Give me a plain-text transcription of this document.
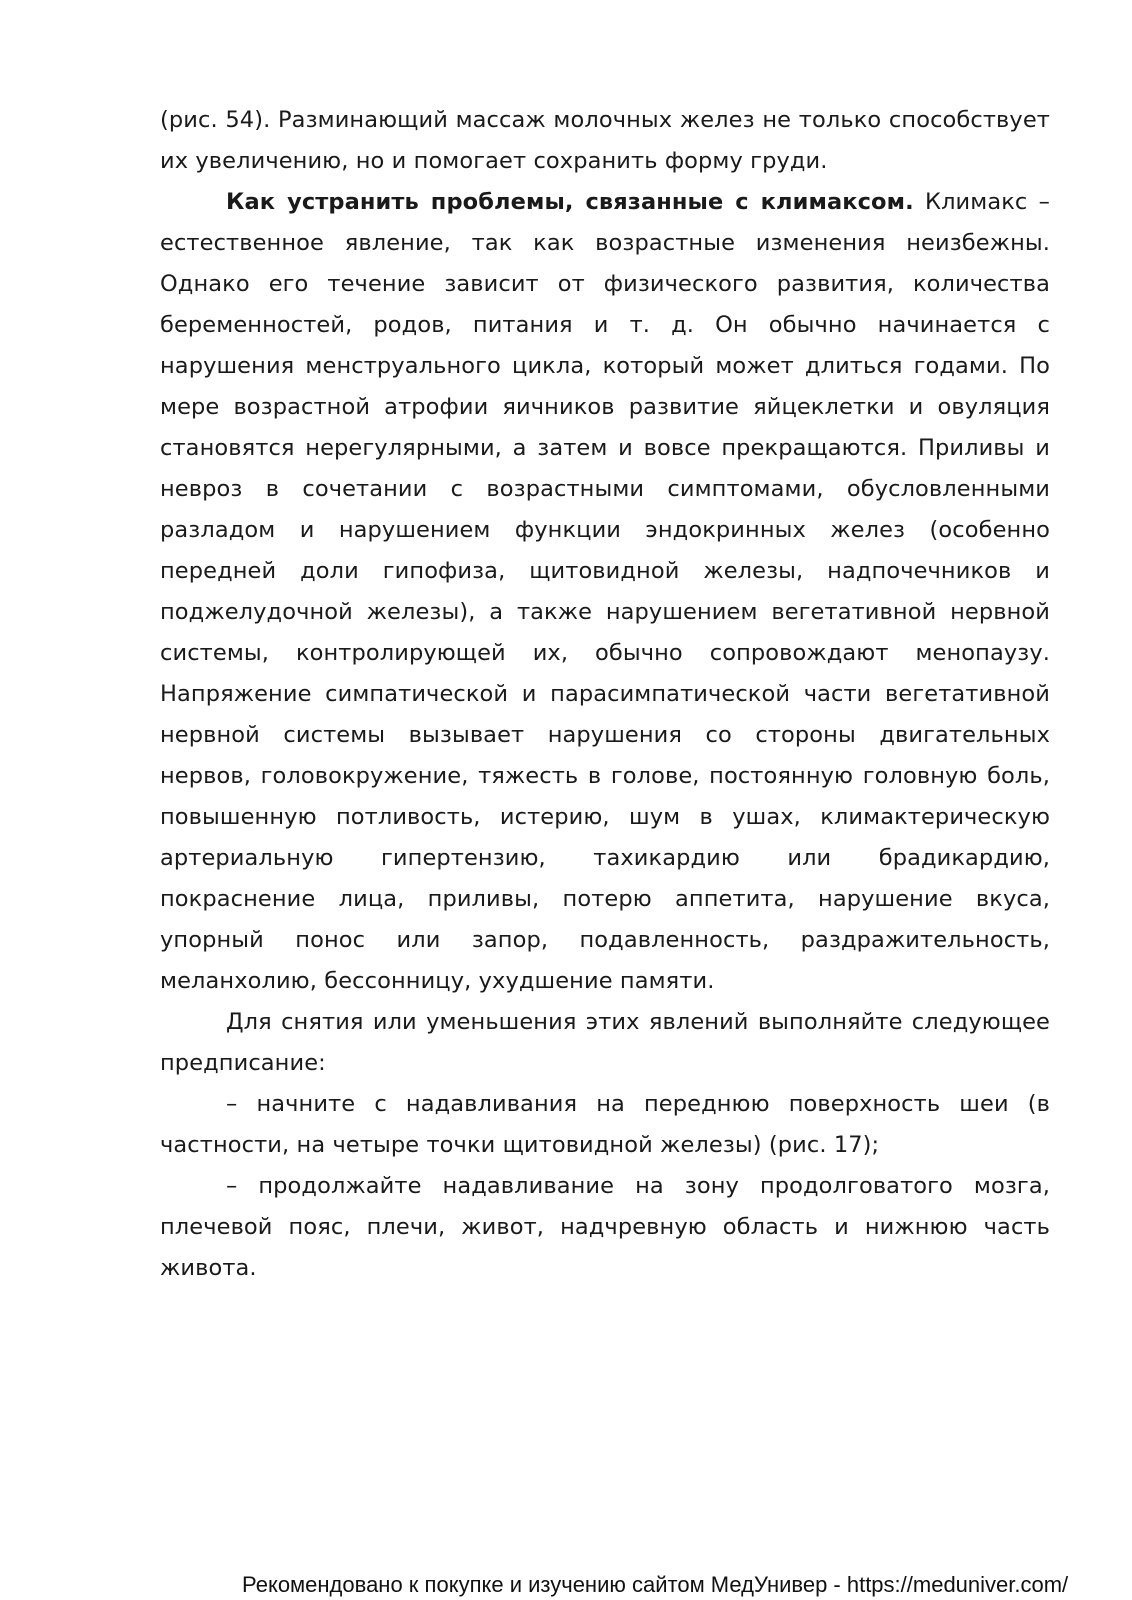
(рис. 54). Разминающий массаж молочных желез не только способствует их увеличению, но и помогает сохранить форму груди.

Как устранить проблемы, связанные с климаксом. Климакс – естественное явление, так как возрастные изменения неизбежны. Однако его течение зависит от физического развития, количества беременностей, родов, питания и т. д. Он обычно начинается с нарушения менструального цикла, который может длиться годами. По мере возрастной атрофии яичников развитие яйцеклетки и овуляция становятся нерегулярными, а затем и вовсе прекращаются. Приливы и невроз в сочетании с возрастными симптомами, обусловленными разладом и нарушением функции эндокринных желез (особенно передней доли гипофиза, щитовидной железы, надпочечников и поджелудочной железы), а также нарушением вегетативной нервной системы, контролирующей их, обычно сопровождают менопаузу. Напряжение симпатической и парасимпатической части вегетативной нервной системы вызывает нарушения со стороны двигательных нервов, головокружение, тяжесть в голове, постоянную головную боль, повышенную потливость, истерию, шум в ушах, климактерическую артериальную гипертензию, тахикардию или брадикардию, покраснение лица, приливы, потерю аппетита, нарушение вкуса, упорный понос или запор, подавленность, раздражительность, меланхолию, бессонницу, ухудшение памяти.

Для снятия или уменьшения этих явлений выполняйте следующее предписание:

– начните с надавливания на переднюю поверхность шеи (в частности, на четыре точки щитовидной железы) (рис. 17);

– продолжайте надавливание на зону продолговатого мозга, плечевой пояс, плечи, живот, надчревную область и нижнюю часть живота.

Рекомендовано к покупке и изучению сайтом МедУнивер - https://meduniver.com/
